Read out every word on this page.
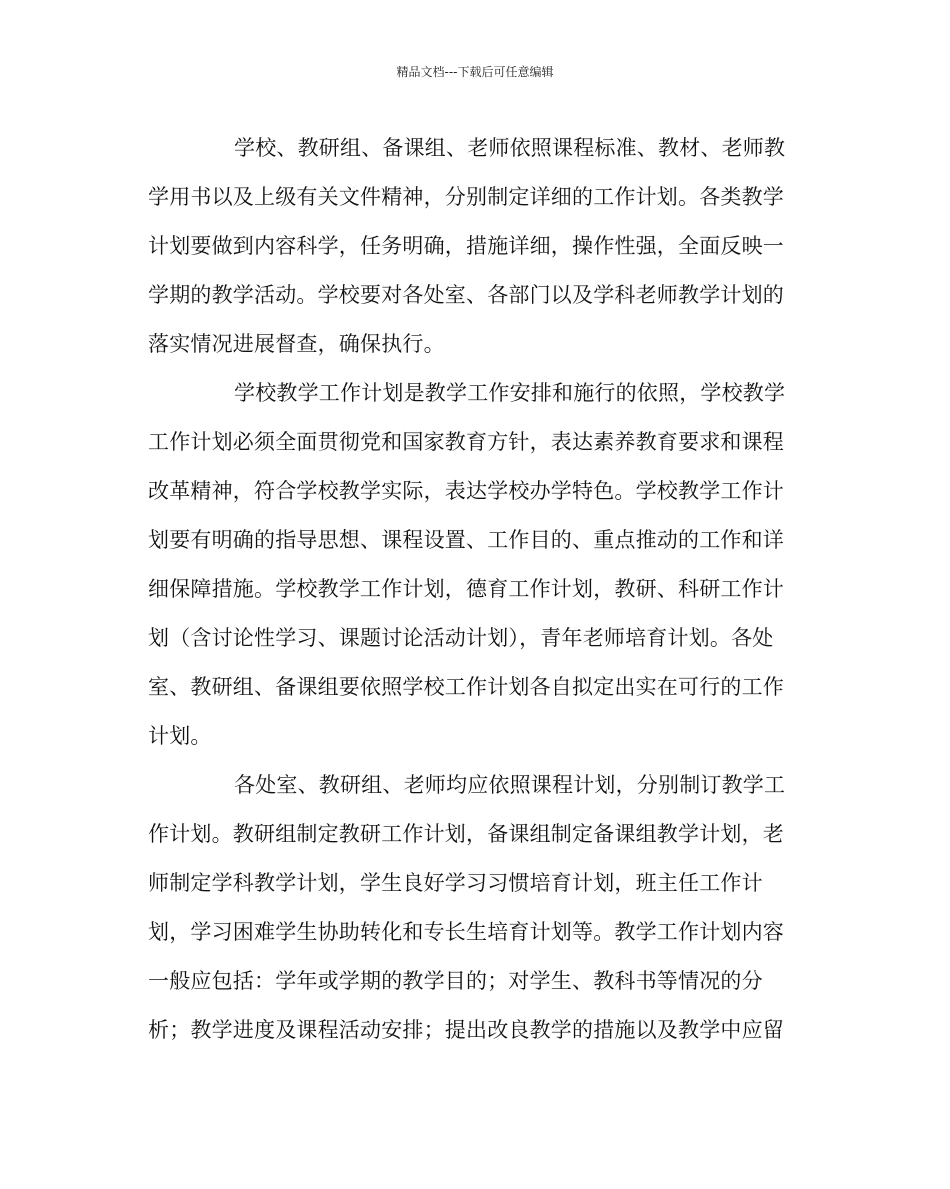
精品文档---下载后可任意编辑
学校、教研组、备课组、老师依照课程标准、教材、老师教
学用书以及上级有关文件精神，分别制定详细的工作计划。各类教学
计划要做到内容科学，任务明确，措施详细，操作性强，全面反映一
学期的教学活动。学校要对各处室、各部门以及学科老师教学计划的
落实情况进展督查，确保执行。
学校教学工作计划是教学工作安排和施行的依照，学校教学
工作计划必须全面贯彻党和国家教育方针，表达素养教育要求和课程
改革精神，符合学校教学实际，表达学校办学特色。学校教学工作计
划要有明确的指导思想、课程设置、工作目的、重点推动的工作和详
细保障措施。学校教学工作计划，德育工作计划，教研、科研工作计
划（含讨论性学习、课题讨论活动计划），青年老师培育计划。各处
室、教研组、备课组要依照学校工作计划各自拟定出实在可行的工作
计划。
各处室、教研组、老师均应依照课程计划，分别制订教学工
作计划。教研组制定教研工作计划，备课组制定备课组教学计划，老
师制定学科教学计划，学生良好学习习惯培育计划，班主任工作计
划，学习困难学生协助转化和专长生培育计划等。教学工作计划内容
一般应包括：学年或学期的教学目的；对学生、教科书等情况的分
析；教学进度及课程活动安排；提出改良教学的措施以及教学中应留
